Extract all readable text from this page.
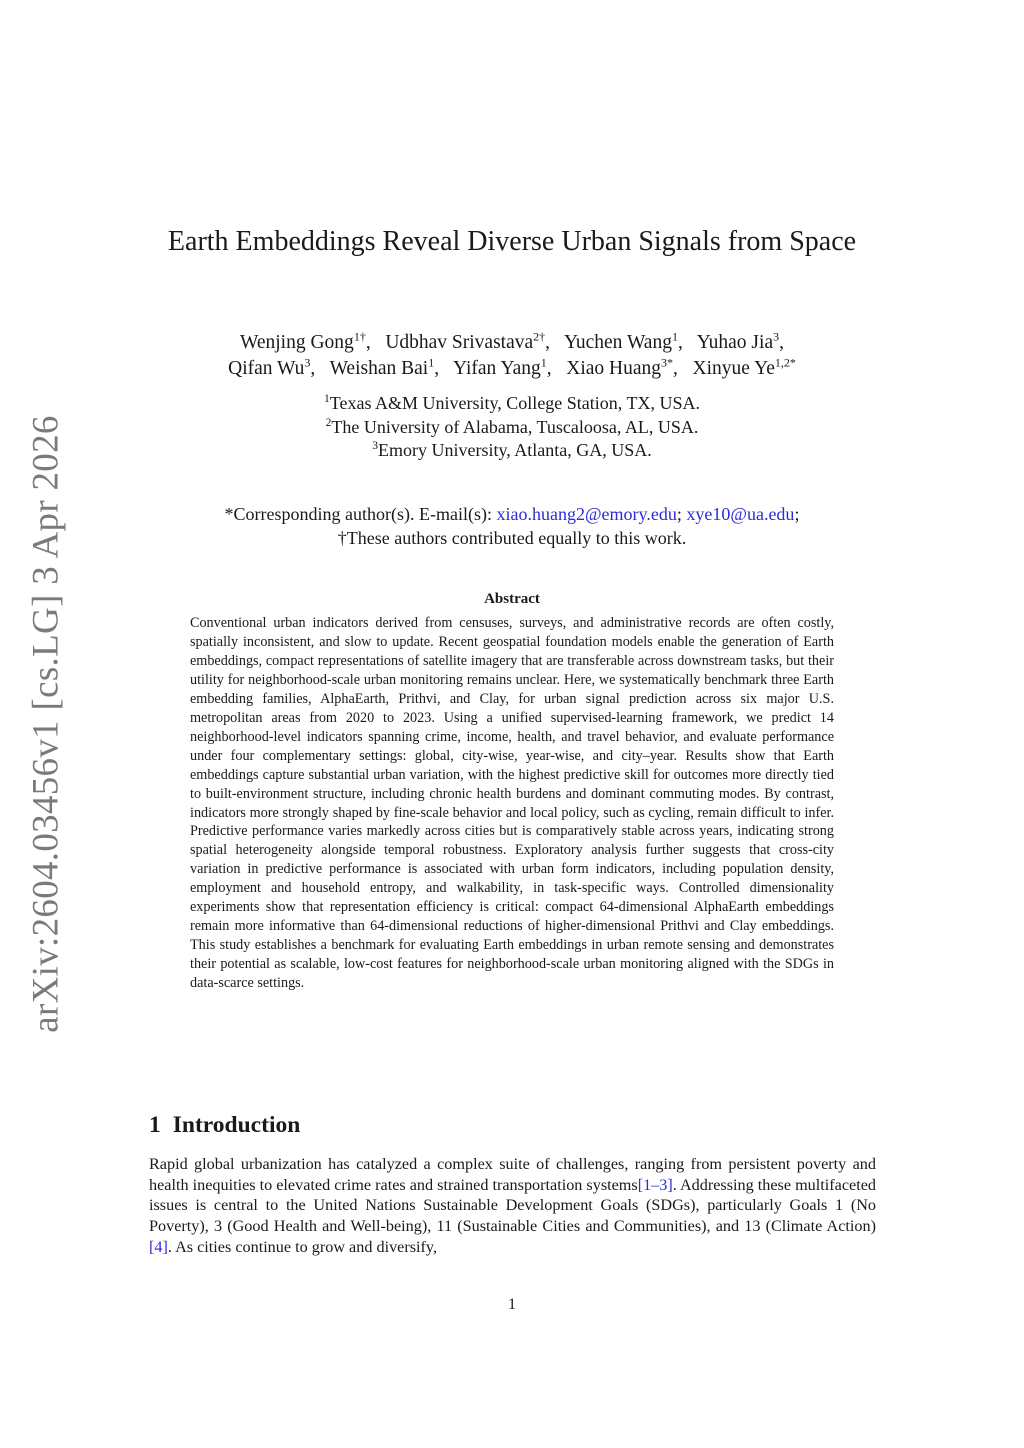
arXiv:2604.03456v1 [cs.LG] 3 Apr 2026
Earth Embeddings Reveal Diverse Urban Signals from Space
Wenjing Gong$^{1\dagger}$, Udbhav Srivastava$^{2\dagger}$, Yuchen Wang$^1$, Yuhao Jia$^3$,
Qifan Wu$^3$, Weishan Bai$^1$, Yifan Yang$^1$, Xiao Huang$^{3*}$, Xinyue $Ye^{1,2*}$
$^1$Texas A&M University, College Station, TX, USA.
$^2$The University of Alabama, Tuscaloosa, AL, USA.
$^3$Emory University, Atlanta, GA, USA.
*Corresponding author(s). E-mail(s): xiao.huang2@emory.edu; xye10@ua.edu;
†These authors contributed equally to this work.
Abstract

Conventional urban indicators derived from censuses, surveys, and administrative records are often costly, spatially inconsistent, and slow to update. Recent geospatial foundation models enable the generation of Earth embeddings, compact representations of satellite imagery that are transferable across downstream tasks, but their utility for neighborhood-scale urban monitoring remains unclear. Here, we systematically benchmark three Earth embedding families, AlphaEarth, Prithvi, and Clay, for urban signal prediction across six major U.S. metropolitan areas from 2020 to 2023. Using a unified supervised-learning framework, we predict 14 neighborhood-level indicators spanning crime, income, health, and travel behavior, and evaluate performance under four complementary settings: global, city-wise, year-wise, and city–year. Results show that Earth embeddings capture substantial urban variation, with the highest predictive skill for outcomes more directly tied to built-environment structure, including chronic health burdens and dominant commuting modes. By contrast, indicators more strongly shaped by fine-scale behavior and local policy, such as cycling, remain difficult to infer. Predictive performance varies markedly across cities but is comparatively stable across years, indicating strong spatial heterogeneity alongside temporal robustness. Exploratory analysis further suggests that cross-city variation in predictive performance is associated with urban form indicators, including population density, employment and household entropy, and walkability, in task-specific ways. Controlled dimensionality experiments show that representation efficiency is critical: compact 64-dimensional AlphaEarth embeddings remain more informative than 64-dimensional reductions of higher-dimensional Prithvi and Clay embeddings. This study establishes a benchmark for evaluating Earth embeddings in urban remote sensing and demonstrates their potential as scalable, low-cost features for neighborhood-scale urban monitoring aligned with the SDGs in data-scarce settings.

1 Introduction

Rapid global urbanization has catalyzed a complex suite of challenges, ranging from persistent poverty and health inequities to elevated crime rates and strained transportation systems[1–3]. Addressing these multifaceted issues is central to the United Nations Sustainable Development Goals (SDGs), particularly Goals 1 (No Poverty), 3 (Good Health and Well-being), 11 (Sustainable Cities and Communities), and 13 (Climate Action)[4]. As cities continue to grow and diversify,

1
